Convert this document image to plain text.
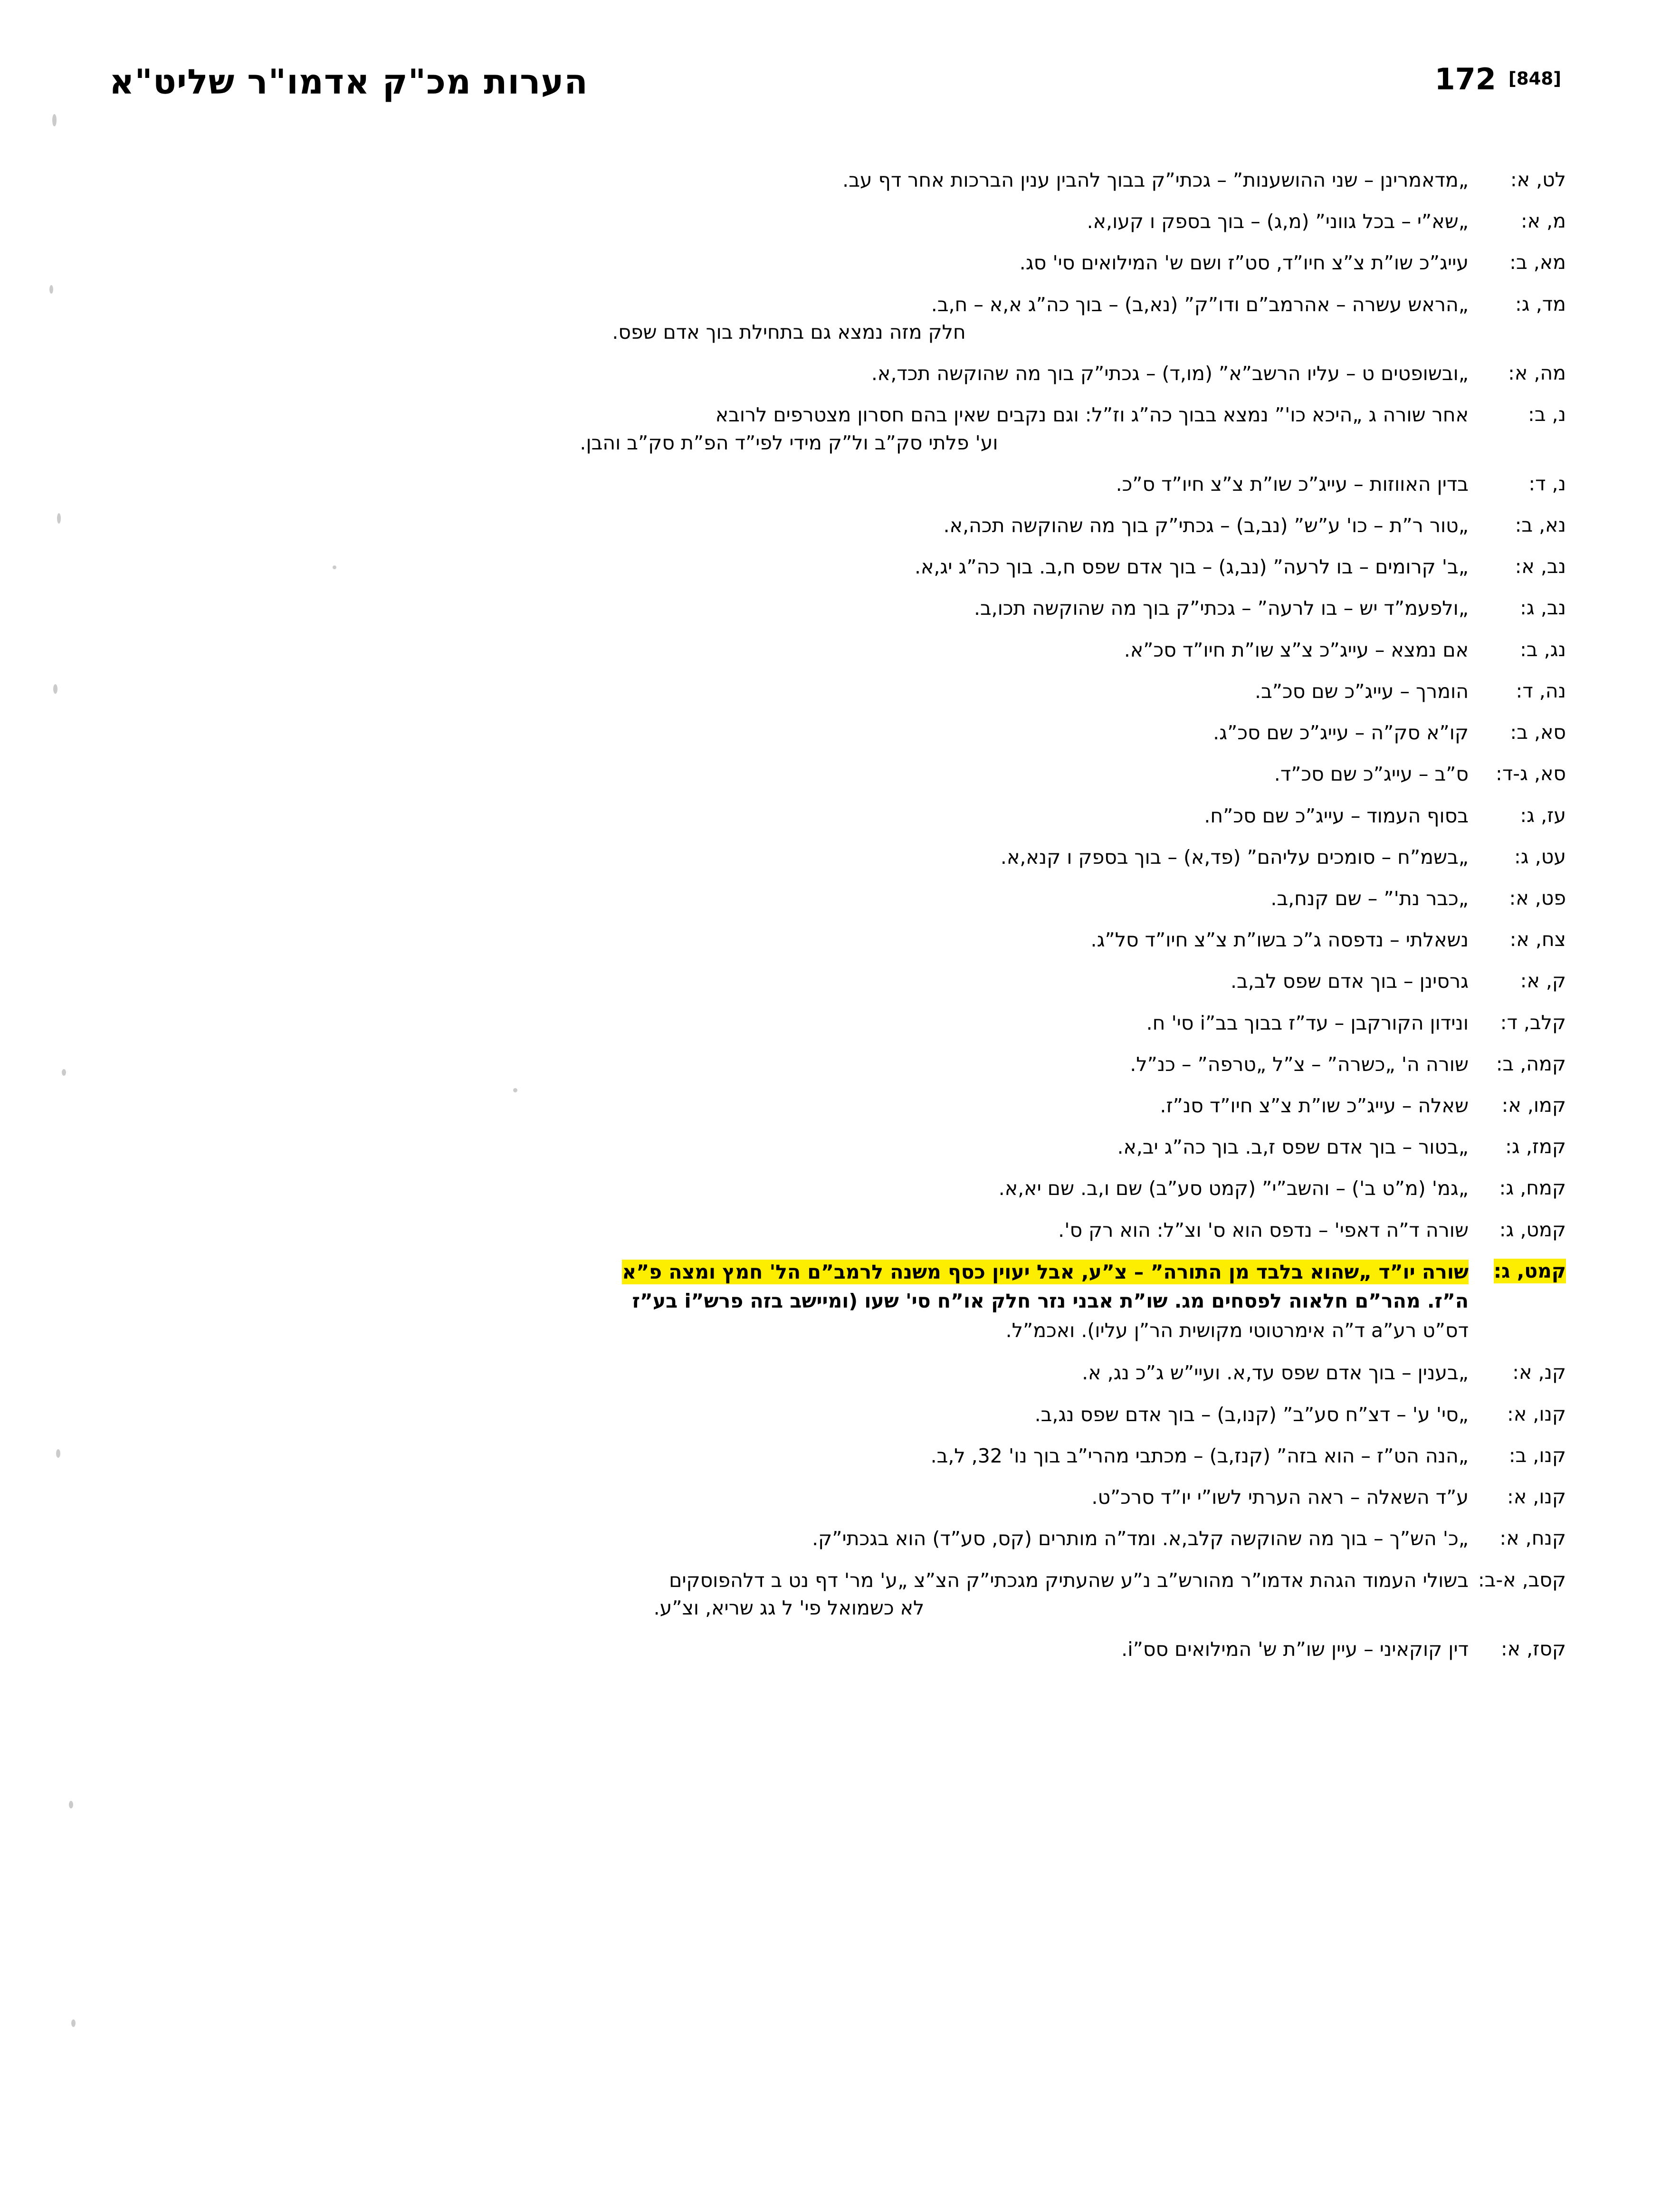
הערות מכ"ק אדמו"ר שליט"א	172 [848]
לט, א:
„מדאמרינן – שני ההושענות” – גכתי”ק בבוך להבין ענין הברכות אחר דף עב.
מ, א:
„שא”י – בכל גווני” (מ,ג) – בוך בספק ו קעו,א.
מא, ב:
עייג”כ שו”ת צ”צ חיו”ד, סט”ז ושם ש' המילואים סי' סג.
מד, ג:
„הראש עשרה – אהרמב”ם ודו”ק” (נא,ב) – בוך כה”ג א,א – ח,ב.
חלק מזה נמצא גם בתחילת בוך אדם שפס.
מה, א:
„ובשופטים ט – עליו הרשב”א” (מו,ד) – גכתי”ק בוך מה שהוקשה תכד,א.
נ, ב:
אחר שורה ג „היכא כו'” נמצא בבוך כה”ג וז”ל: וגם נקבים שאין בהם חסרון מצטרפים לרובא
וע' פלתי סק”ב ול”ק מידי לפי”ד הפ”ת סק”ב והבן.
נ, ד:
בדין האווזות – עייג”כ שו”ת צ”צ חיו”ד ס”כ.
נא, ב:
„טור ר”ת – כו' ע”ש” (נב,ב) – גכתי”ק בוך מה שהוקשה תכה,א.
נב, א:
„ב' קרומים – בו לרעה” (נב,ג) – בוך אדם שפס ח,ב. בוך כה”ג יג,א.
נב, ג:
„ולפעמ”ד יש – בו לרעה” – גכתי”ק בוך מה שהוקשה תכו,ב.
נג, ב:
אם נמצא – עייג”כ צ”צ שו”ת חיו”ד סכ”א.
נה, ד:
הומרך – עייג”כ שם סכ”ב.
סא, ב:
קו”א סק”ה – עייג”כ שם סכ”ג.
סא, ג-ד:
ס”ב – עייג”כ שם סכ”ד.
עז, ג:
בסוף העמוד – עייג”כ שם סכ”ח.
עט, ג:
„בשמ”ח – סומכים עליהם” (פד,א) – בוך בספק ו קנא,א.
פט, א:
„כבר נת'” – שם קנח,ב.
צח, א:
נשאלתי – נדפסה ג”כ בשו”ת צ”צ חיו”ד סל”ג.
ק, א:
גרסינן – בוך אדם שפס לב,ב.
קלב, ד:
ונידון הקורקבן – עד”ז בבוך בב”i סי' ח.
קמה, ב:
שורה ה' „כשרה” – צ”ל „טרפה” – כנ”ל.
קמו, א:
שאלה – עייג”כ שו”ת צ”צ חיו”ד סנ”ז.
קמז, ג:
„בטור – בוך אדם שפס ז,ב. בוך כה”ג יב,א.
קמח, ג:
„גמ' (מ”ט ב') – והשב”י” (קמט סע”ב) שם ו,ב. שם יא,א.
קמט, ג:
שורה ד”ה דאפי' – נדפס הוא ס' וצ”ל: הוא רק ס'.
קמט, ג:
שורה יו”ד „שהוא בלבד מן התורה” – צ”ע, אבל יעוין כסף משנה לרמב”ם הל' חמץ ומצה פ”א
ה”ז. מהר”ם חלאוה לפסחים מג. שו”ת אבני נזר חלק או”ח סי' שעו (ומיישב בזה פרש”i בע”ז
דס”ט רע”a ד”ה אימרטוטי מקושית הר”ן עליו). ואכמ”ל.
קנ, א:
„בענין – בוך אדם שפס עד,א. ועיי”ש ג”כ נג, א.
קנו, א:
„סי' ע' – דצ”ח סע”ב” (קנו,ב) – בוך אדם שפס נג,ב.
קנו, ב:
„הנה הט”ז – הוא בזה” (קנז,ב) – מכתבי מהרי”ב בוך נו' 32, ל,ב.
קנו, א:
ע”ד השאלה – ראה הערתי לשו”י יו”ד סרכ”ט.
קנח, א:
„כ' הש”ך – בוך מה שהוקשה קלב,א. ומד”ה מותרים (קס, סע”ד) הוא בגכתי”ק.
קסב, א-ב:
בשולי העמוד הגהת אדמו”ר מהורש”ב נ”ע שהעתיק מגכתי”ק הצ”צ „ע' מר' דף נט ב דלהפוסקים
לא כשמואל פי' ל גג שריא, וצ”ע.
קסז, א:
דין קוקאיני – עיין שו”ת ש' המילואים סס”i.
